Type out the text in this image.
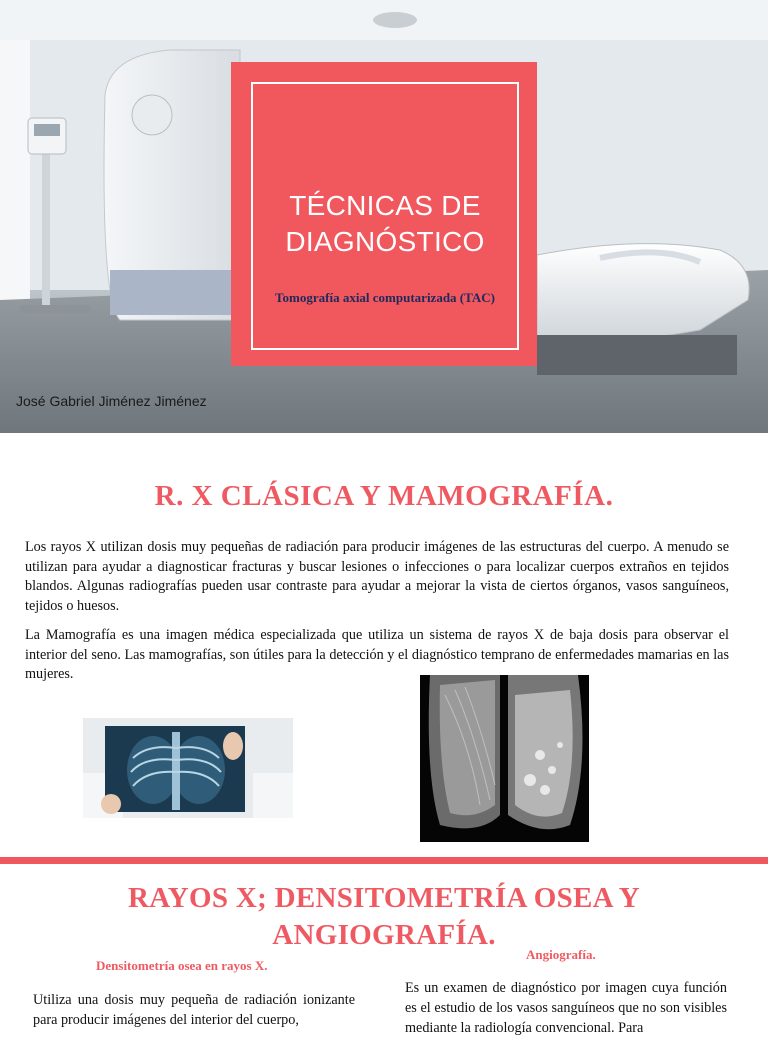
TÉCNICAS DE
DIAGNÓSTICO
Tomografía axial computarizada (TAC)
José Gabriel Jiménez Jiménez
R. X CLÁSICA Y MAMOGRAFÍA.

Los rayos X utilizan dosis muy pequeñas de radiación para producir imágenes de las estructuras del cuerpo. A menudo se utilizan para ayudar a diagnosticar fracturas y buscar lesiones o infecciones o para localizar cuerpos extraños en tejidos blandos. Algunas radiografías pueden usar contraste para ayudar a mejorar la vista de ciertos órganos, vasos sanguíneos, tejidos o huesos.

La Mamografía es una imagen médica especializada que utiliza un sistema de rayos X de baja dosis para observar el interior del seno. Las mamografías, son útiles para la detección y el diagnóstico temprano de enfermedades mamarias en las mujeres.

RAYOS X; DENSITOMETRÍA OSEA Y
ANGIOGRAFÍA.
Densitometría osea en rayos X.
Angiografía.
Utiliza una dosis muy pequeña de radiación ionizante para producir imágenes del interior del cuerpo,
Es un examen de diagnóstico por imagen cuya función es el estudio de los vasos sanguíneos que no son visibles mediante la radiología convencional. Para
